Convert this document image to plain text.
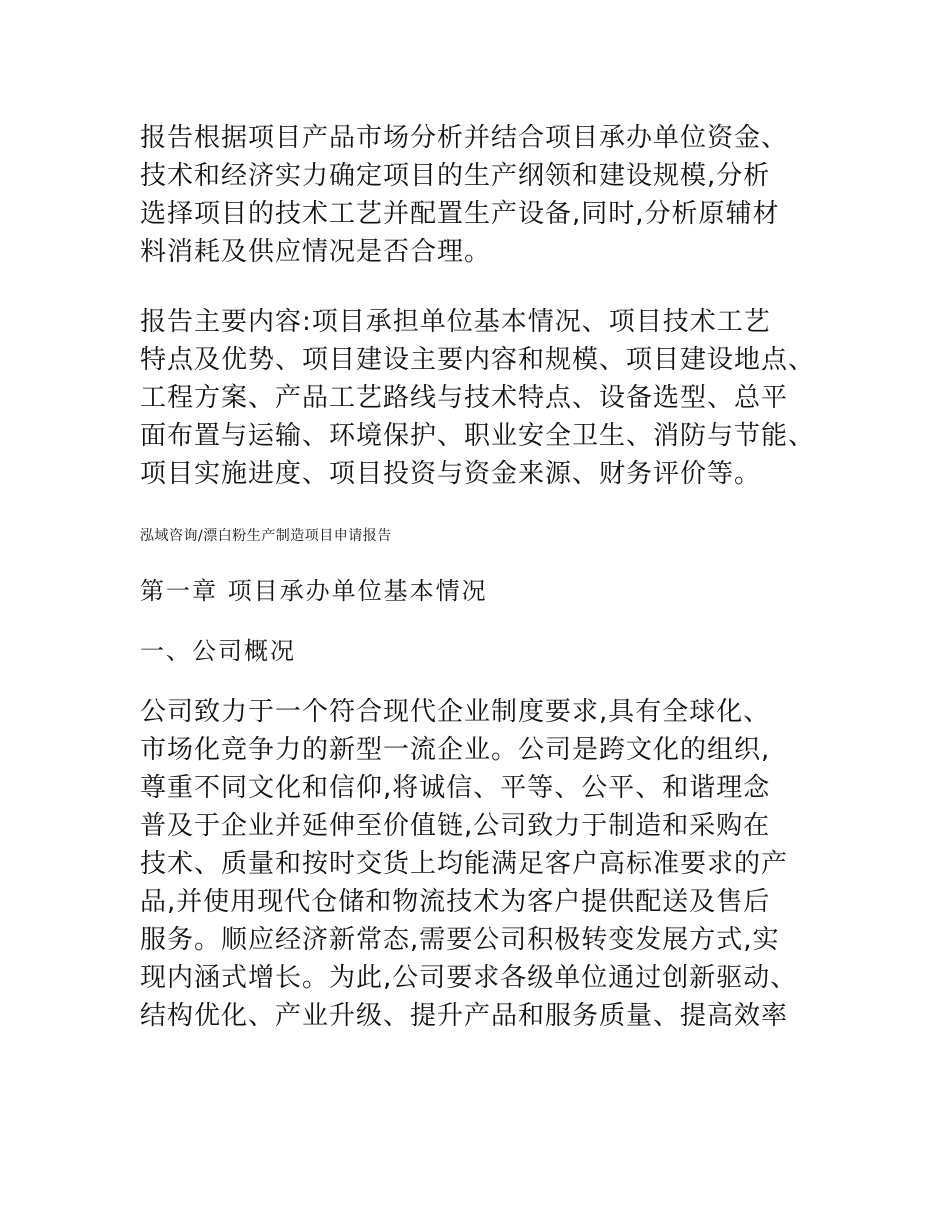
报告根据项目产品市场分析并结合项目承办单位资金、
技术和经济实力确定项目的生产纲领和建设规模,分析
选择项目的技术工艺并配置生产设备,同时,分析原辅材
料消耗及供应情况是否合理。
报告主要内容:项目承担单位基本情况、项目技术工艺
特点及优势、项目建设主要内容和规模、项目建设地点、
工程方案、产品工艺路线与技术特点、设备选型、总平
面布置与运输、环境保护、职业安全卫生、消防与节能、
项目实施进度、项目投资与资金来源、财务评价等。
泓域咨询/漂白粉生产制造项目申请报告
第一章 项目承办单位基本情况
一、公司概况
公司致力于一个符合现代企业制度要求,具有全球化、
市场化竞争力的新型一流企业。公司是跨文化的组织,
尊重不同文化和信仰,将诚信、平等、公平、和谐理念
普及于企业并延伸至价值链,公司致力于制造和采购在
技术、质量和按时交货上均能满足客户高标准要求的产
品,并使用现代仓储和物流技术为客户提供配送及售后
服务。顺应经济新常态,需要公司积极转变发展方式,实
现内涵式增长。为此,公司要求各级单位通过创新驱动、
结构优化、产业升级、提升产品和服务质量、提高效率
